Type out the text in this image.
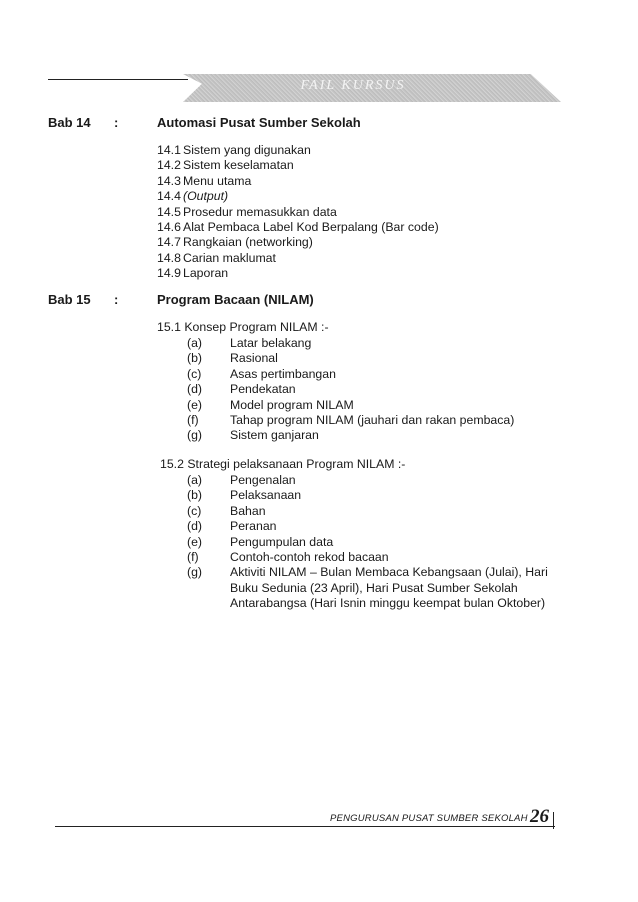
FAIL KURSUS
Bab 14 :	Automasi Pusat Sumber Sekolah
14.1 Sistem yang digunakan
14.2 Sistem keselamatan
14.3 Menu utama
14.4 (Output)
14.5 Prosedur memasukkan data
14.6 Alat Pembaca Label Kod Berpalang (Bar code)
14.7 Rangkaian (networking)
14.8 Carian maklumat
14.9 Laporan
Bab 15 :	Program Bacaan (NILAM)
15.1 Konsep Program NILAM :-
(a)	Latar belakang
(b)	Rasional
(c)	Asas pertimbangan
(d)	Pendekatan
(e)	Model program NILAM
(f)	Tahap program NILAM (jauhari dan rakan pembaca)
(g)	Sistem ganjaran
15.2 Strategi pelaksanaan Program NILAM :-
(a)	Pengenalan
(b)	Pelaksanaan
(c)	Bahan
(d)	Peranan
(e)	Pengumpulan data
(f)	Contoh-contoh rekod bacaan
(g)	Aktiviti NILAM – Bulan Membaca Kebangsaan (Julai), Hari Buku Sedunia (23 April), Hari Pusat Sumber Sekolah Antarabangsa (Hari Isnin minggu keempat bulan Oktober)
PENGURUSAN PUSAT SUMBER SEKOLAH 26
